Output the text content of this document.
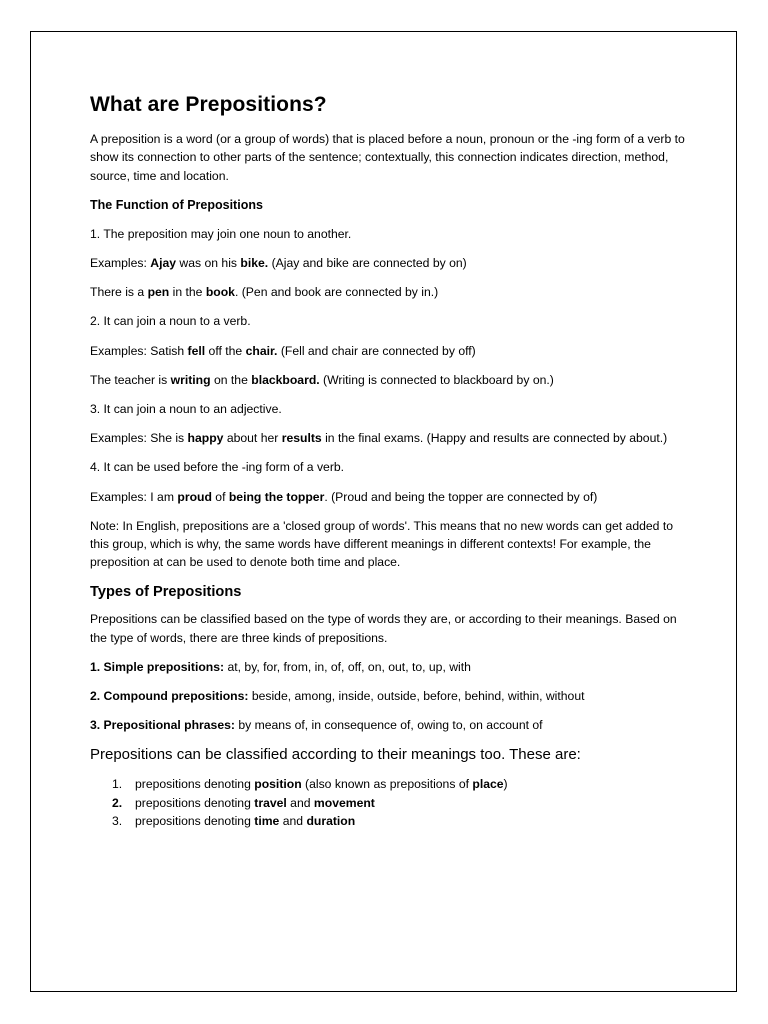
What are Prepositions?

A preposition is a word (or a group of words) that is placed before a noun, pronoun or the -ing form of a verb to show its connection to other parts of the sentence; contextually, this connection indicates direction, method, source, time and location.

The Function of Prepositions

1. The preposition may join one noun to another.

Examples: Ajay was on his bike. (Ajay and bike are connected by on)

There is a pen in the book. (Pen and book are connected by in.)

2. It can join a noun to a verb.

Examples: Satish fell off the chair. (Fell and chair are connected by off)

The teacher is writing on the blackboard. (Writing is connected to blackboard by on.)

3. It can join a noun to an adjective.

Examples: She is happy about her results in the final exams. (Happy and results are connected by about.)

4. It can be used before the -ing form of a verb.

Examples: I am proud of being the topper. (Proud and being the topper are connected by of)

Note: In English, prepositions are a 'closed group of words'. This means that no new words can get added to this group, which is why, the same words have different meanings in different contexts! For example, the preposition at can be used to denote both time and place.

Types of Prepositions

Prepositions can be classified based on the type of words they are, or according to their meanings. Based on the type of words, there are three kinds of prepositions.

1. Simple prepositions: at, by, for, from, in, of, off, on, out, to, up, with

2. Compound prepositions: beside, among, inside, outside, before, behind, within, without

3. Prepositional phrases: by means of, in consequence of, owing to, on account of

Prepositions can be classified according to their meanings too. These are:

1. prepositions denoting position (also known as prepositions of place)
2. prepositions denoting travel and movement
3. prepositions denoting time and duration
